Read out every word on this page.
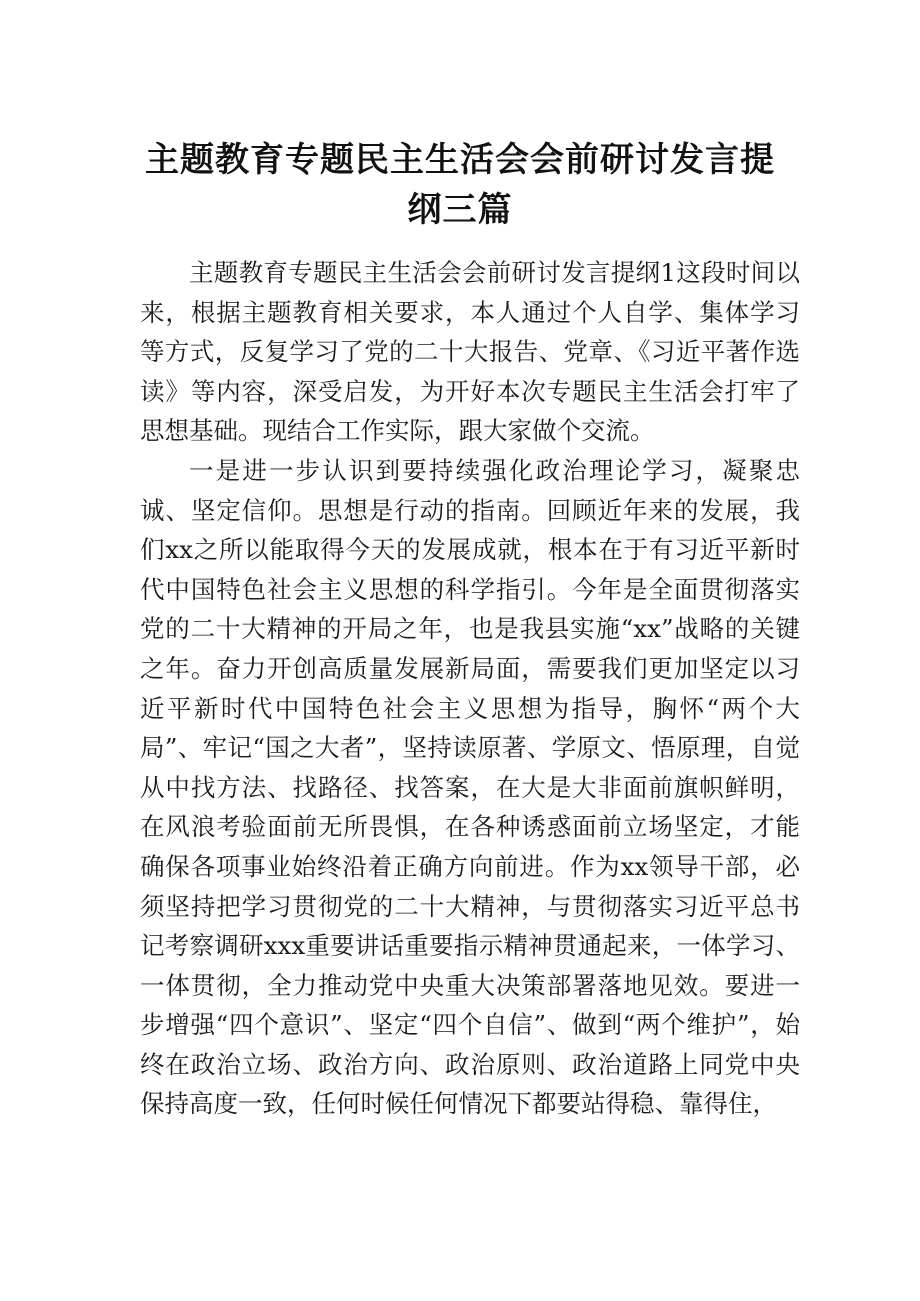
主题教育专题民主生活会会前研讨发言提
纲三篇

主题教育专题民主生活会会前研讨发言提纲1这段时间以来，根据主题教育相关要求，本人通过个人自学、集体学习等方式，反复学习了党的二十大报告、党章、《习近平著作选读》等内容，深受启发，为开好本次专题民主生活会打牢了思想基础。现结合工作实际，跟大家做个交流。

一是进一步认识到要持续强化政治理论学习，凝聚忠诚、坚定信仰。思想是行动的指南。回顾近年来的发展，我们xx之所以能取得今天的发展成就，根本在于有习近平新时代中国特色社会主义思想的科学指引。今年是全面贯彻落实党的二十大精神的开局之年，也是我县实施“xx”战略的关键之年。奋力开创高质量发展新局面，需要我们更加坚定以习近平新时代中国特色社会主义思想为指导，胸怀“两个大局”、牢记“国之大者”，坚持读原著、学原文、悟原理，自觉从中找方法、找路径、找答案，在大是大非面前旗帜鲜明，在风浪考验面前无所畏惧，在各种诱惑面前立场坚定，才能确保各项事业始终沿着正确方向前进。作为xx领导干部，必须坚持把学习贯彻党的二十大精神，与贯彻落实习近平总书记考察调研xxx重要讲话重要指示精神贯通起来，一体学习、一体贯彻，全力推动党中央重大决策部署落地见效。要进一步增强“四个意识”、坚定“四个自信”、做到“两个维护”，始终在政治立场、政治方向、政治原则、政治道路上同党中央保持高度一致，任何时候任何情况下都要站得稳、靠得住，
